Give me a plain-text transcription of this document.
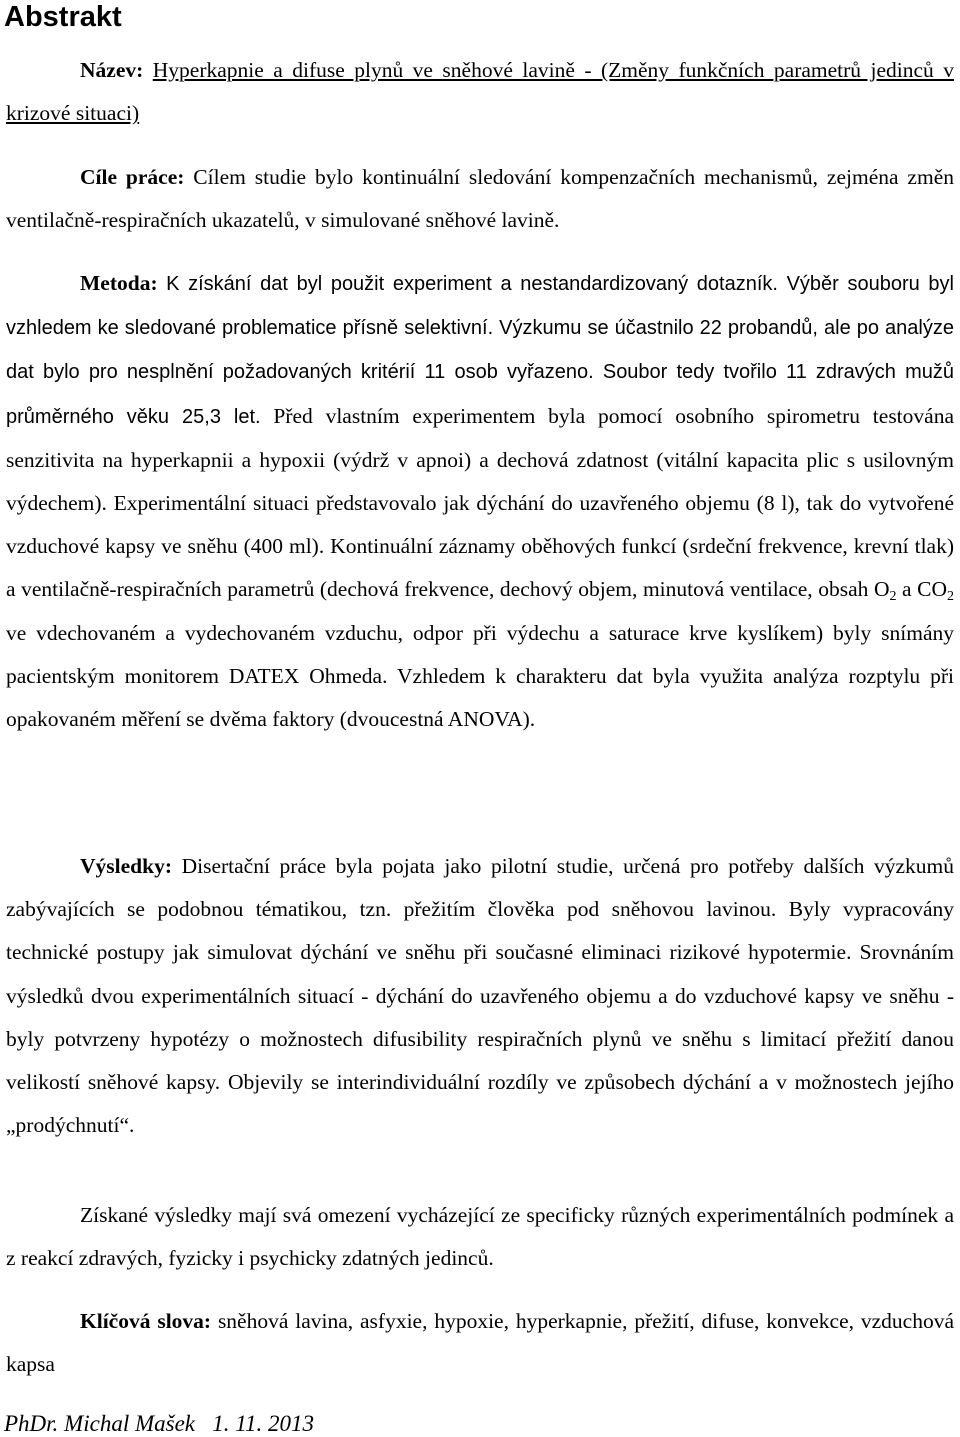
Abstrakt

Název: Hyperkapnie a difuse plynů ve sněhové lavině - (Změny funkčních parametrů jedinců v krizové situaci)

Cíle práce: Cílem studie bylo kontinuální sledování kompenzačních mechanismů, zejména změn ventilačně-respiračních ukazatelů, v simulované sněhové lavině.

Metoda: K získání dat byl použit experiment a nestandardizovaný dotazník. Výběr souboru byl vzhledem ke sledované problematice přísně selektivní. Výzkumu se účastnilo 22 probandů, ale po analýze dat bylo pro nesplnění požadovaných kritérií 11 osob vyřazeno. Soubor tedy tvořilo 11 zdravých mužů průměrného věku 25,3 let. Před vlastním experimentem byla pomocí osobního spirometru testována senzitivita na hyperkapnii a hypoxii (výdrž v apnoi) a dechová zdatnost (vitální kapacita plic s usilovným výdechem). Experimentální situaci představovalo jak dýchání do uzavřeného objemu (8 l), tak do vytvořené vzduchové kapsy ve sněhu (400 ml). Kontinuální záznamy oběhových funkcí (srdeční frekvence, krevní tlak) a ventilačně-respiračních parametrů (dechová frekvence, dechový objem, minutová ventilace, obsah $O_2$ a $CO_2$ ve vdechovaném a vydechovaném vzduchu, odpor při výdechu a saturace krve kyslíkem) byly snímány pacientským monitorem DATEX Ohmeda. Vzhledem k charakteru dat byla využita analýza rozptylu při opakovaném měření se dvěma faktory (dvoucestná ANOVA).

Výsledky: Disertační práce byla pojata jako pilotní studie, určená pro potřeby dalších výzkumů zabývajících se podobnou tématikou, tzn. přežitím člověka pod sněhovou lavinou. Byly vypracovány technické postupy jak simulovat dýchání ve sněhu při současné eliminaci rizikové hypotermie. Srovnáním výsledků dvou experimentálních situací - dýchání do uzavřeného objemu a do vzduchové kapsy ve sněhu - byly potvrzeny hypotézy o možnostech difusibility respiračních plynů ve sněhu s limitací přežití danou velikostí sněhové kapsy. Objevily se interindividuální rozdíly ve způsobech dýchání a v možnostech jejího „prodýchnutí“.

Získané výsledky mají svá omezení vycházející ze specificky různých experimentálních podmínek a z reakcí zdravých, fyzicky i psychicky zdatných jedinců.

Klíčová slova: sněhová lavina, asfyxie, hypoxie, hyperkapnie, přežití, difuse, konvekce, vzduchová kapsa

PhDr. Michal Mašek 1. 11. 2013
